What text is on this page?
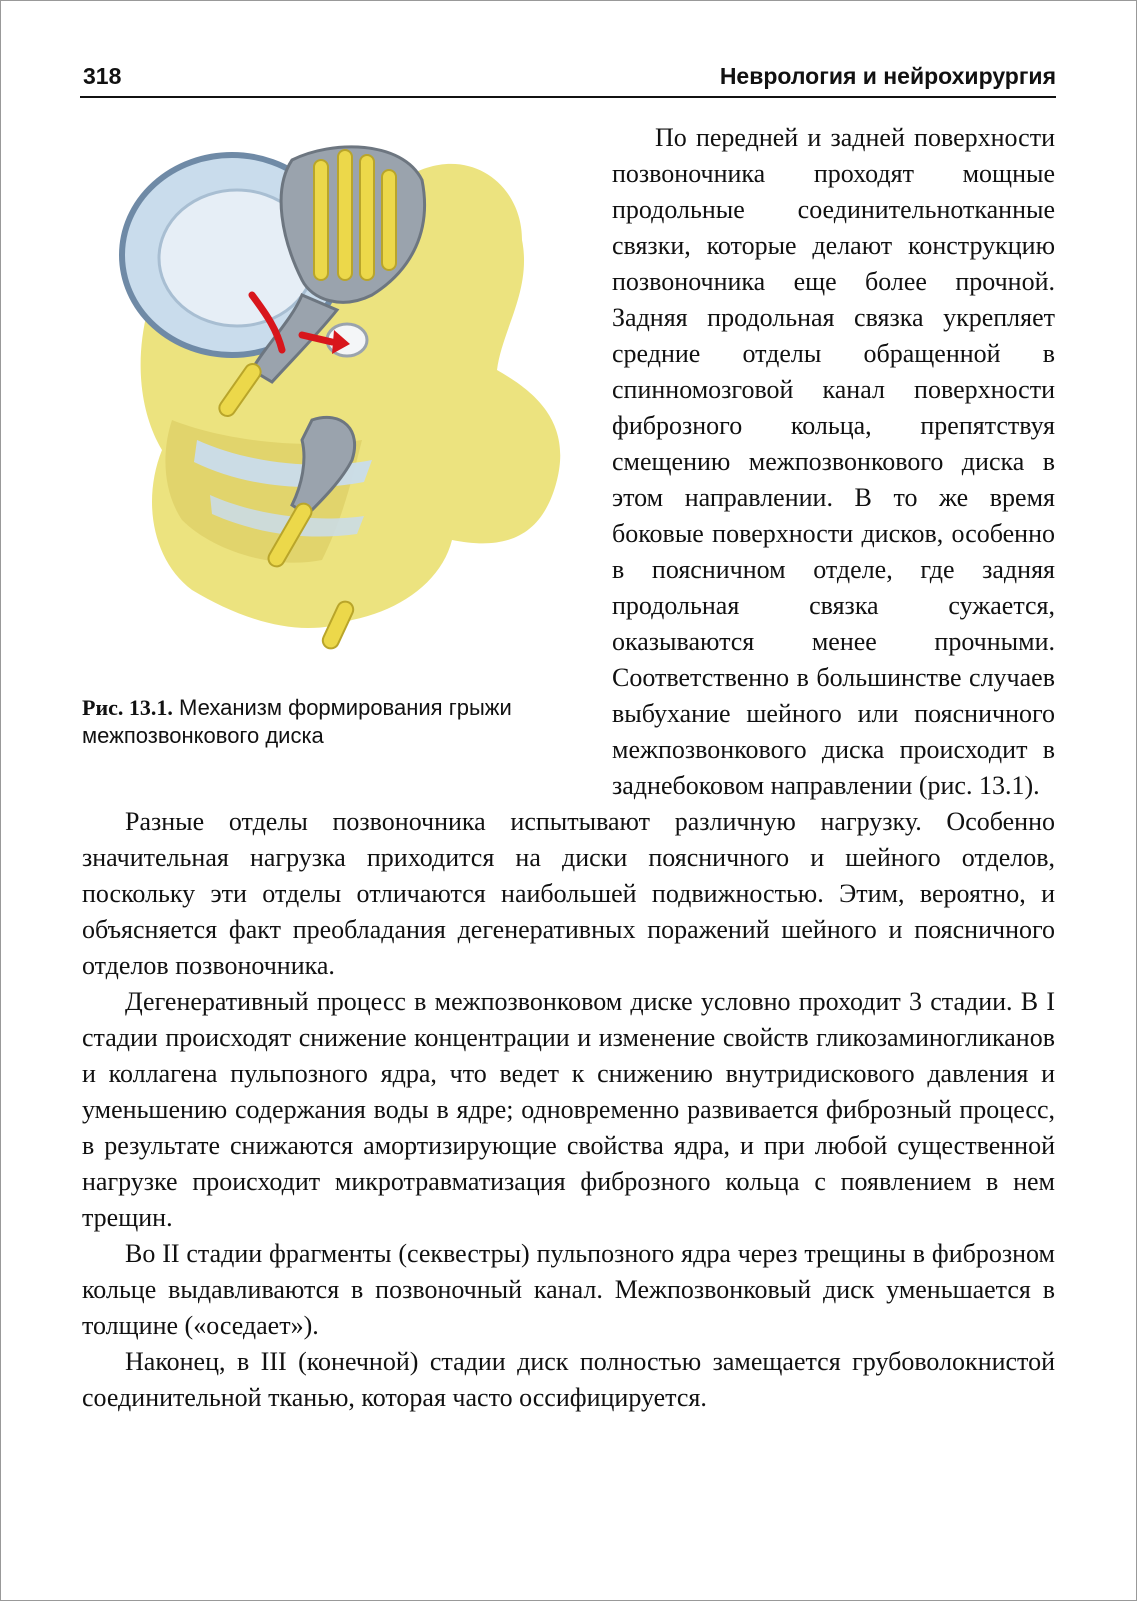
318	Неврология и нейрохирургия
Рис. 13.1. Механизм формирования грыжи межпозвонкового диска

По передней и задней поверхности позвоночника проходят мощные продольные соединительнотканные связки, которые делают конструкцию позвоночника еще более прочной. Задняя продольная связка укрепляет средние отделы обращенной в спинномозговой канал поверхности фиброзного кольца, препятствуя смещению межпозвонкового диска в этом направлении. В то же время боковые поверхности дисков, особенно в поясничном отделе, где задняя продольная связка сужается, оказываются менее прочными. Соответственно в большинстве случаев выбухание шейного или поясничного межпозвонкового диска происходит в заднебоковом направлении (рис. 13.1).

Разные отделы позвоночника испытывают различную нагрузку. Особенно значительная нагрузка приходится на диски поясничного и шейного отделов, поскольку эти отделы отличаются наибольшей подвижностью. Этим, вероятно, и объясняется факт преобладания дегенеративных поражений шейного и поясничного отделов позвоночника.

Дегенеративный процесс в межпозвонковом диске условно проходит 3 стадии. В I стадии происходят снижение концентрации и изменение свойств гликозаминогликанов и коллагена пульпозного ядра, что ведет к снижению внутридискового давления и уменьшению содержания воды в ядре; одновременно развивается фиброзный процесс, в результате снижаются амортизирующие свойства ядра, и при любой существенной нагрузке происходит микротравматизация фиброзного кольца с появлением в нем трещин.

Во II стадии фрагменты (секвестры) пульпозного ядра через трещины в фиброзном кольце выдавливаются в позвоночный канал. Межпозвонковый диск уменьшается в толщине («оседает»).

Наконец, в III (конечной) стадии диск полностью замещается грубоволокнистой соединительной тканью, которая часто оссифицируется.
